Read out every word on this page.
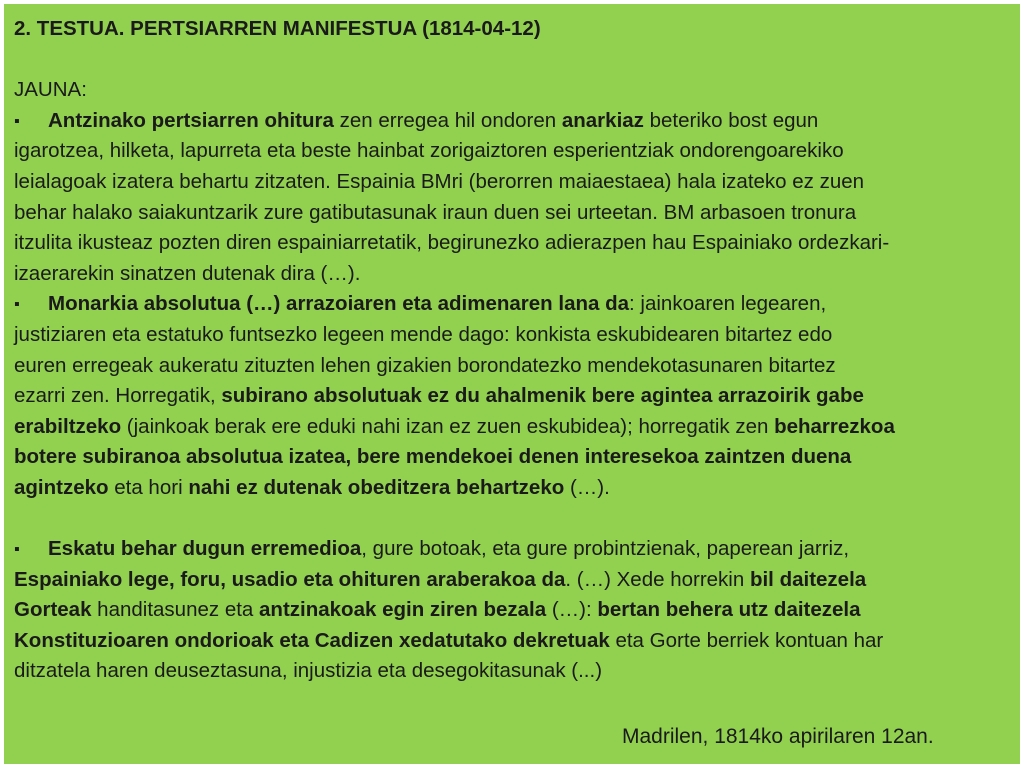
2. TESTUA. PERTSIARREN MANIFESTUA (1814-04-12)
JAUNA:
▪ Antzinako pertsiarren ohitura zen erregea hil ondoren anarkiaz beteriko bost egun
igarotzea, hilketa, lapurreta eta beste hainbat zorigaiztoren esperientziak ondorengoarekiko
leialagoak izatera behartu zitzaten. Espainia BMri (berorren maiaestaea) hala izateko ez zuen
behar halako saiakuntzarik zure gatibutasunak iraun duen sei urteetan. BM arbasoen tronura
itzulita ikusteaz pozten diren espainiarretatik, begirunezko adierazpen hau Espainiako ordezkari-
izaerarekin sinatzen dutenak dira (…).
▪ Monarkia absolutua (…) arrazoiaren eta adimenaren lana da: jainkoaren legearen,
justiziaren eta estatuko funtsezko legeen mende dago: konkista eskubidearen bitartez edo
euren erregeak aukeratu zituzten lehen gizakien borondatezko mendekotasunaren bitartez
ezarri zen. Horregatik, subirano absolutuak ez du ahalmenik bere agintea arrazoirik gabe
erabiltzeko (jainkoak berak ere eduki nahi izan ez zuen eskubidea); horregatik zen beharrezkoa
botere subiranoa absolutua izatea, bere mendekoei denen interesekoa zaintzen duena
agintzeko eta hori nahi ez dutenak obeditzera behartzeko (…).
▪ Eskatu behar dugun erremedioa, gure botoak, eta gure probintzienak, paperean jarriz,
Espainiako lege, foru, usadio eta ohituren araberakoa da. (…) Xede horrekin bil daitezela
Gorteak handitasunez eta antzinakoak egin ziren bezala (…): bertan behera utz daitezela
Konstituzioaren ondorioak eta Cadizen xedatutako dekretuak eta Gorte berriek kontuan har
ditzatela haren deuseztasuna, injustizia eta desegokitasunak (...)
Madrilen, 1814ko apirilaren 12an.
